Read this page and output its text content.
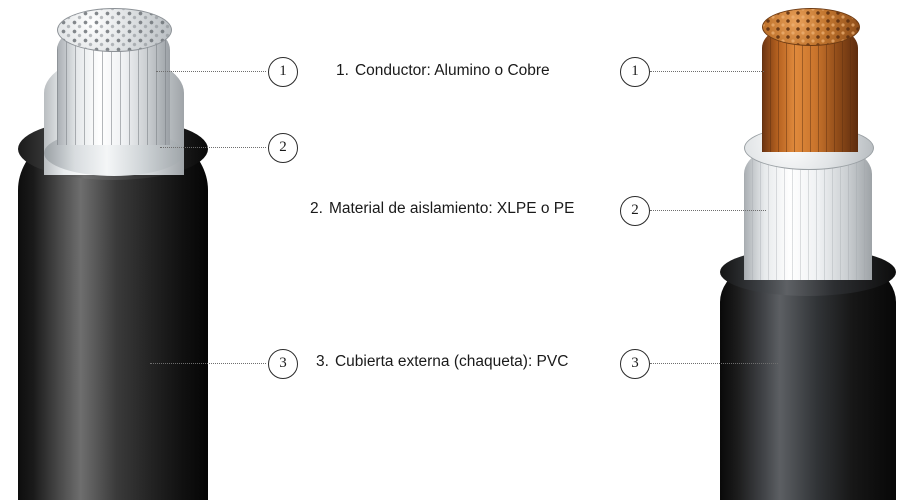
1
2
3
1. Conductor: Alumino o Cobre
2. Material de aislamiento: XLPE o PE
3. Cubierta externa (chaqueta): PVC
1
2
3
